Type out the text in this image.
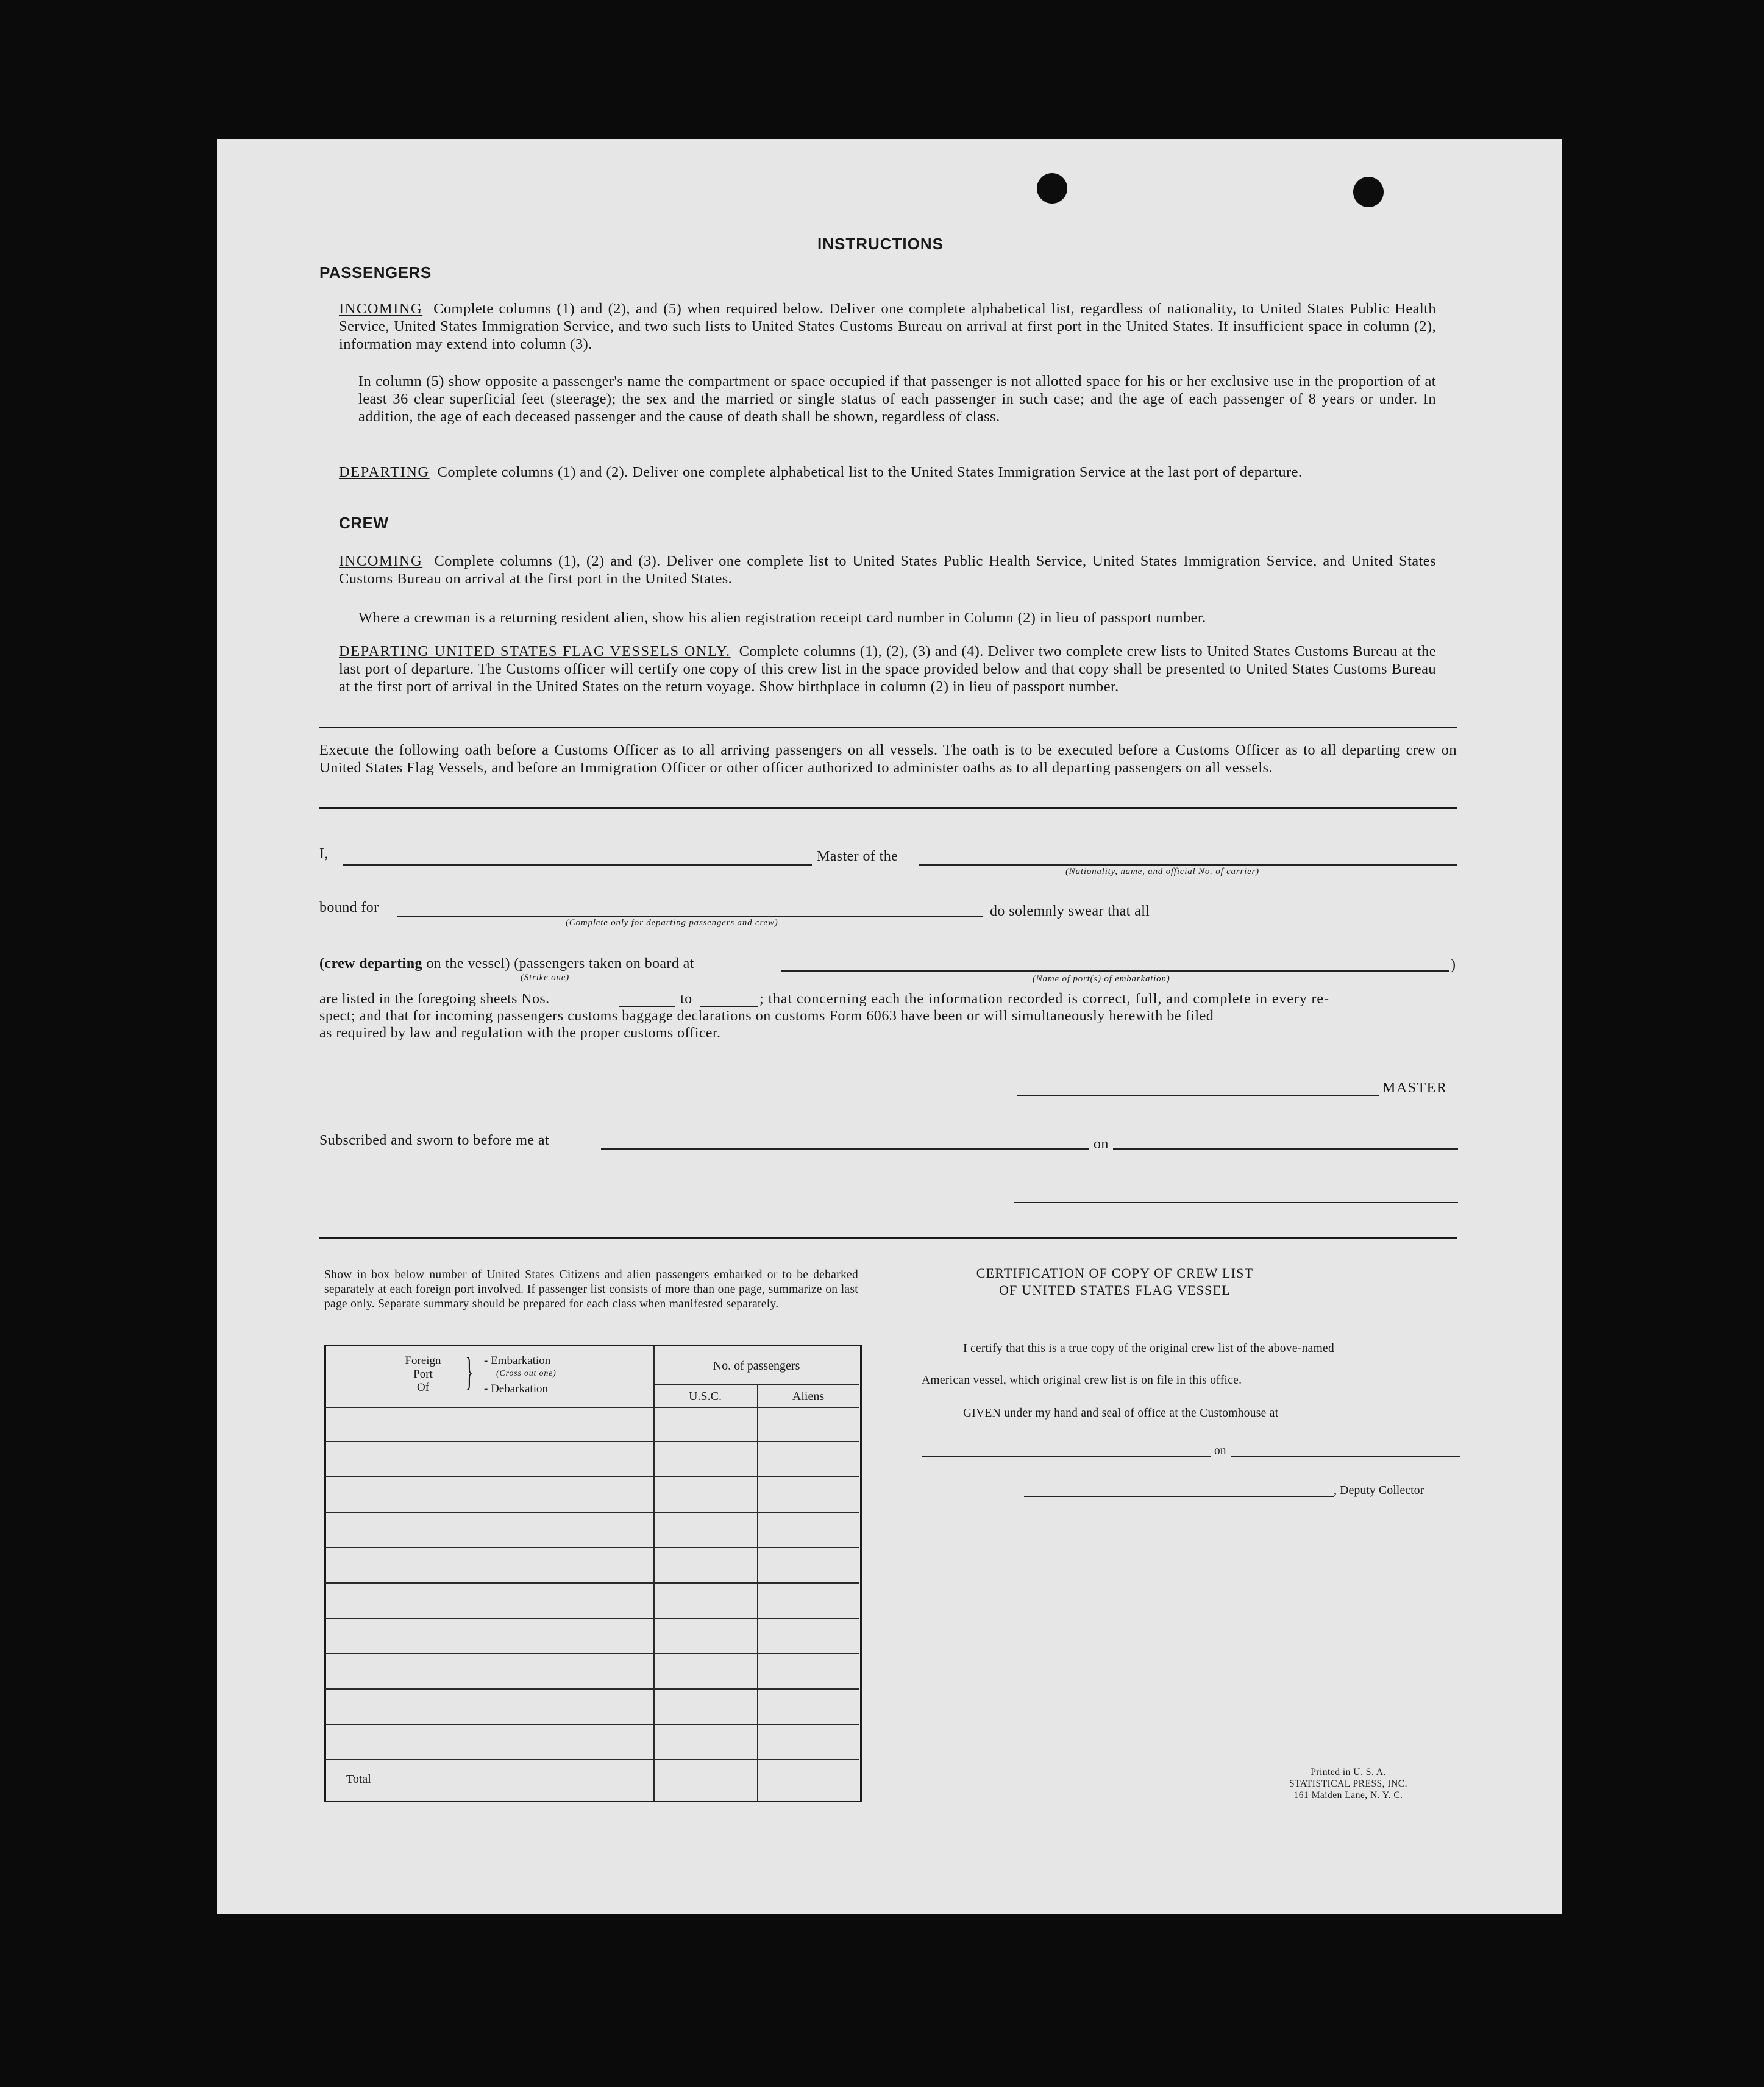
INSTRUCTIONS
PASSENGERS
INCOMING Complete columns (1) and (2), and (5) when required below. Deliver one complete alphabetical list, regardless of nationality, to United States Public Health Service, United States Immigration Service, and two such lists to United States Customs Bureau on arrival at first port in the United States. If insufficient space in column (2), information may extend into column (3).
In column (5) show opposite a passenger's name the compartment or space occupied if that passenger is not allotted space for his or her exclusive use in the proportion of at least 36 clear superficial feet (steerage); the sex and the married or single status of each passenger in such case; and the age of each passenger of 8 years or under. In addition, the age of each deceased passenger and the cause of death shall be shown, regardless of class.
DEPARTING Complete columns (1) and (2). Deliver one complete alphabetical list to the United States Immigration Service at the last port of departure.
CREW
INCOMING Complete columns (1), (2) and (3). Deliver one complete list to United States Public Health Service, United States Immigration Service, and United States Customs Bureau on arrival at the first port in the United States.
Where a crewman is a returning resident alien, show his alien registration receipt card number in Column (2) in lieu of passport number.
DEPARTING UNITED STATES FLAG VESSELS ONLY. Complete columns (1), (2), (3) and (4). Deliver two complete crew lists to United States Customs Bureau at the last port of departure. The Customs officer will certify one copy of this crew list in the space provided below and that copy shall be presented to United States Customs Bureau at the first port of arrival in the United States on the return voyage. Show birthplace in column (2) in lieu of passport number.
Execute the following oath before a Customs Officer as to all arriving passengers on all vessels. The oath is to be executed before a Customs Officer as to all departing crew on United States Flag Vessels, and before an Immigration Officer or other officer authorized to administer oaths as to all departing passengers on all vessels.
I,	Master of the
(Nationality, name, and official No. of carrier)
bound for
(Complete only for departing passengers and crew)
do solemnly swear that all
(crew departing on the vessel) (passengers taken on board at
(Strike one)
)
(Name of port(s) of embarkation)
are listed in the foregoing sheets Nos.	to	; that concerning each the information recorded is correct, full, and complete in every re-
spect; and that for incoming passengers customs baggage declarations on customs Form 6063 have been or will simultaneously herewith be filed
as required by law and regulation with the proper customs officer.
MASTER
Subscribed and sworn to before me at	on
Show in box below number of United States Citizens and alien passengers embarked or to be debarked separately at each foreign port involved. If passenger list consists of more than one page, summarize on last page only. Separate summary should be prepared for each class when manifested separately.
Foreign
Port
Of } - Embarkation
(Cross out one)
- Debarkation
No. of passengers
U.S.C.	Aliens
Total
CERTIFICATION OF COPY OF CREW LIST
OF UNITED STATES FLAG VESSEL
I certify that this is a true copy of the original crew list of the above-named
American vessel, which original crew list is on file in this office.
GIVEN under my hand and seal of office at the Customhouse at
on
, Deputy Collector
Printed in U. S. A.
STATISTICAL PRESS, INC.
161 Maiden Lane, N. Y. C.
